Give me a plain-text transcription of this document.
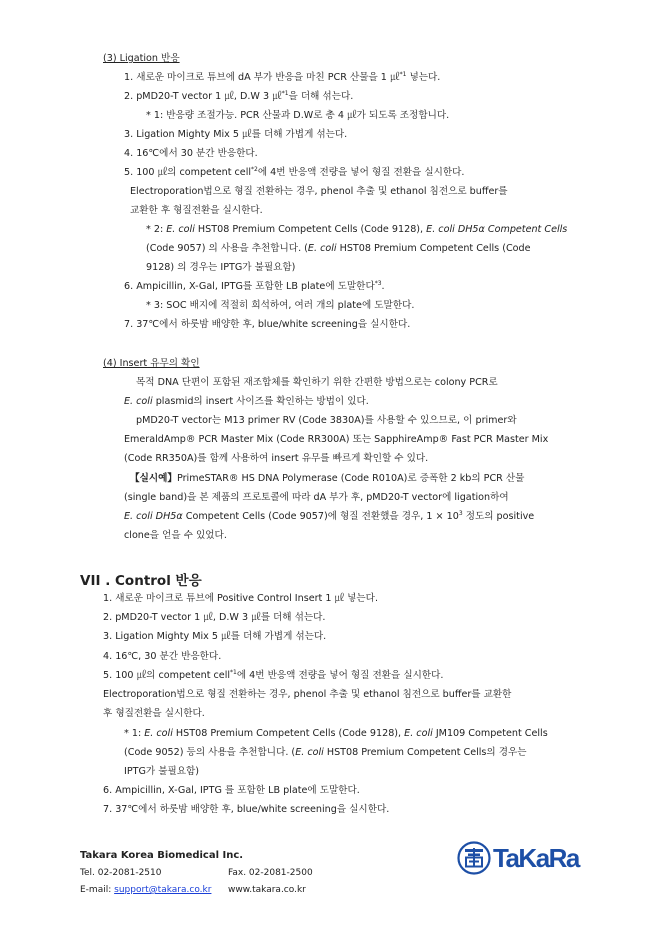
(3) Ligation 반응
1. 새로운 마이크로 튜브에 dA 부가 반응을 마친 PCR 산물을 1 ㎕$^{*1}$ 넣는다.
2. pMD20-T vector 1 ㎕, D.W 3 ㎕$^{*1}$을 더해 섞는다.
* 1: 반응량 조절가능. PCR 산물과 D.W로 총 4 ㎕가 되도록 조정합니다.
3. Ligation Mighty Mix 5 ㎕를 더해 가볍게 섞는다.
4. 16℃에서 30 분간 반응한다.
5. 100 ㎕의 competent cell$^{*2}$에 4번 반응액 전량을 넣어 형질 전환을 실시한다.
Electroporation법으로 형질 전환하는 경우, phenol 추출 및 ethanol 침전으로 buffer를
교환한 후 형질전환을 실시한다.
* 2: E. coli HST08 Premium Competent Cells (Code 9128), E. coli DH5α Competent Cells
(Code 9057) 의 사용을 추천합니다. (E. coli HST08 Premium Competent Cells (Code
9128) 의 경우는 IPTG가 불필요함)
6. Ampicillin, X-Gal, IPTG를 포함한 LB plate에 도말한다$^{*3}$.
* 3: SOC 배지에 적절히 희석하여, 여러 개의 plate에 도말한다.
7. 37℃에서 하룻밤 배양한 후, blue/white screening을 실시한다.
(4) Insert 유무의 확인
목적 DNA 단편이 포함된 재조합체를 확인하기 위한 간편한 방법으로는 colony PCR로
E. coli plasmid의 insert 사이즈를 확인하는 방법이 있다.
pMD20-T vector는 M13 primer RV (Code 3830A)를 사용할 수 있으므로, 이 primer와
EmeraldAmp® PCR Master Mix (Code RR300A) 또는 SapphireAmp® Fast PCR Master Mix
(Code RR350A)를 함께 사용하여 insert 유무를 빠르게 확인할 수 있다.
【실시예】PrimeSTAR® HS DNA Polymerase (Code R010A)로 증폭한 2 kb의 PCR 산물
(single band)을 본 제품의 프로토콜에 따라 dA 부가 후, pMD20-T vector에 ligation하여
E. coli DH5α Competent Cells (Code 9057)에 형질 전환했을 경우, $1 \times 10^3$ 정도의 positive
clone을 얻을 수 있었다.
VII . Control 반응
1. 새로운 마이크로 튜브에 Positive Control Insert 1 ㎕ 넣는다.
2. pMD20-T vector 1 ㎕, D.W 3 ㎕를 더해 섞는다.
3. Ligation Mighty Mix 5 ㎕를 더해 가볍게 섞는다.
4. 16℃, 30 분간 반응한다.
5. 100 ㎕의 competent cell$^{*1}$에 4번 반응액 전량을 넣어 형질 전환을 실시한다.
Electroporation법으로 형질 전환하는 경우, phenol 추출 및 ethanol 침전으로 buffer를 교환한
후 형질전환을 실시한다.
* 1: E. coli HST08 Premium Competent Cells (Code 9128), E. coli JM109 Competent Cells
(Code 9052) 등의 사용을 추천합니다. (E. coli HST08 Premium Competent Cells의 경우는
IPTG가 불필요함)
6. Ampicillin, X-Gal, IPTG 를 포함한 LB plate에 도말한다.
7. 37℃에서 하룻밤 배양한 후, blue/white screening을 실시한다.
Takara Korea Biomedical Inc.
Tel. 02-2081-2510	Fax. 02-2081-2500
E-mail: support@takara.co.kr www.takara.co.kr
TaKaRa
